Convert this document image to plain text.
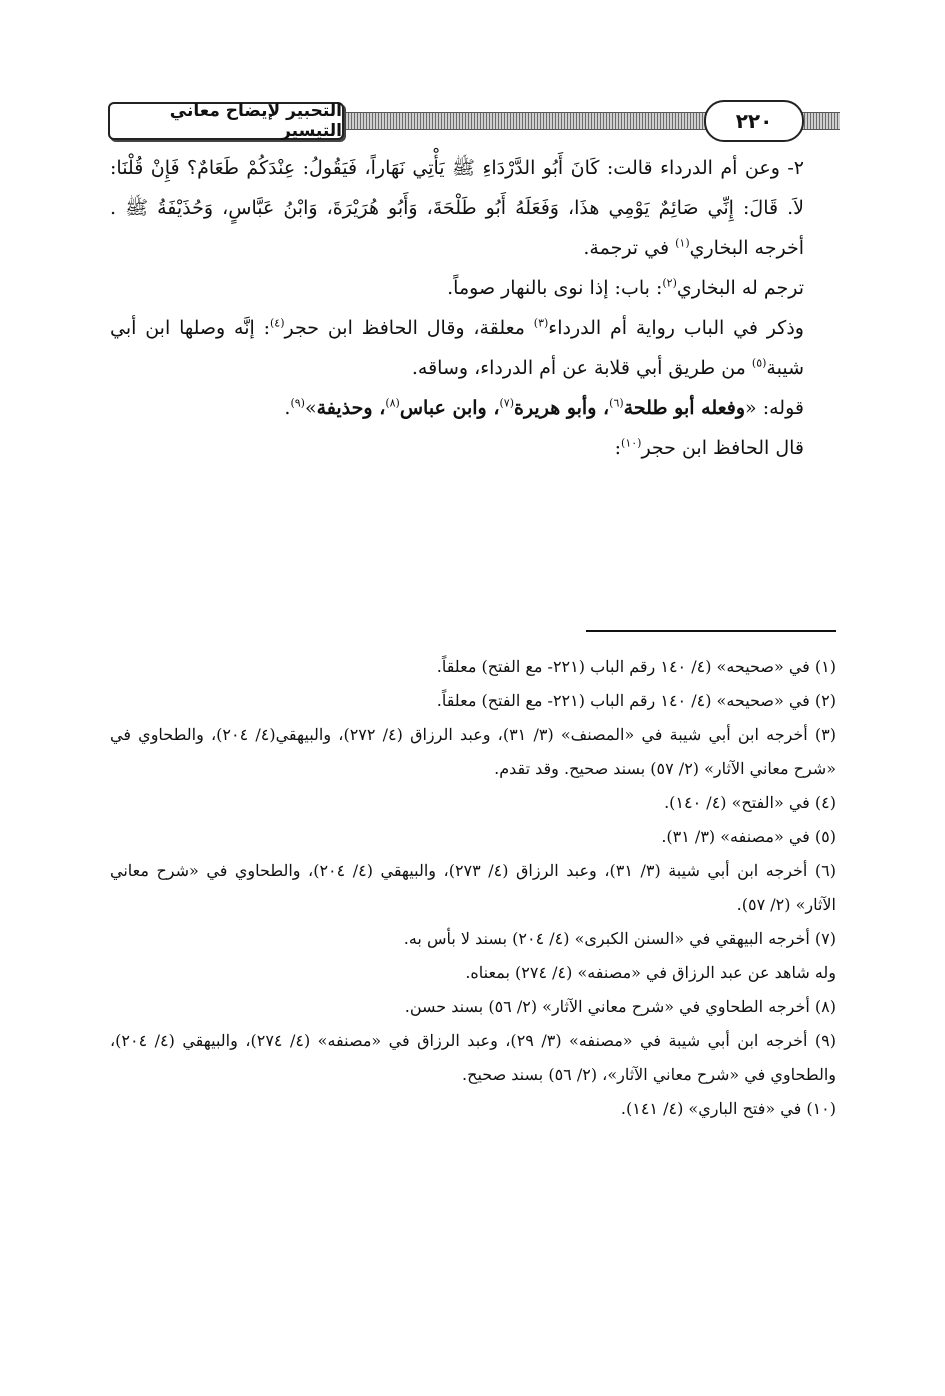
التحبير لإيضاح معاني التيسير	٢٢٠

٢- وعن أم الدرداء قالت: كَانَ أَبُو الدَّرْدَاءِ ﷺ يَأْتِي نَهَاراً، فَيَقُولُ: عِنْدَكُمْ طَعَامٌ؟ فَإِنْ قُلْنَا: لاَ. قَالَ: إِنِّي صَائِمٌ يَوْمِي هذَا، وَفَعَلَهُ أَبُو طَلْحَةَ، وَأَبُو هُرَيْرَةَ، وَابْنُ عَبَّاسٍ، وَحُذَيْفَةُ ﷺ . أخرجه البخاري$^{(١)}$ في ترجمة.

ترجم له البخاري$^{(٢)}$: باب: إذا نوى بالنهار صوماً.

وذكر في الباب رواية أم الدرداء$^{(٣)}$ معلقة، وقال الحافظ ابن حجر$^{(٤)}$: إنَّه وصلها ابن أبي شيبة$^{(٥)}$ من طريق أبي قلابة عن أم الدرداء، وساقه.

قوله: «وفعله أبو طلحة$^{(٦)}$، وأبو هريرة$^{(٧)}$، وابن عباس$^{(٨)}$، وحذيفة»$^{(٩)}$.

قال الحافظ ابن حجر$^{(١٠)}$:

(١) في «صحيحه» (٤/ ١٤٠ رقم الباب (٢٢١- مع الفتح) معلقاً.

(٢) في «صحيحه» (٤/ ١٤٠ رقم الباب (٢٢١- مع الفتح) معلقاً.

(٣) أخرجه ابن أبي شيبة في «المصنف» (٣/ ٣١)، وعبد الرزاق (٤/ ٢٧٢)، والبيهقي(٤/ ٢٠٤)، والطحاوي في «شرح معاني الآثار» (٢/ ٥٧) بسند صحيح. وقد تقدم.

(٤) في «الفتح» (٤/ ١٤٠).

(٥) في «مصنفه» (٣/ ٣١).

(٦) أخرجه ابن أبي شيبة (٣/ ٣١)، وعبد الرزاق (٤/ ٢٧٣)، والبيهقي (٤/ ٢٠٤)، والطحاوي في «شرح معاني الآثار» (٢/ ٥٧).

(٧) أخرجه البيهقي في «السنن الكبرى» (٤/ ٢٠٤) بسند لا بأس به.

وله شاهد عن عبد الرزاق في «مصنفه» (٤/ ٢٧٤) بمعناه.

(٨) أخرجه الطحاوي في «شرح معاني الآثار» (٢/ ٥٦) بسند حسن.

(٩) أخرجه ابن أبي شيبة في «مصنفه» (٣/ ٢٩)، وعبد الرزاق في «مصنفه» (٤/ ٢٧٤)، والبيهقي (٤/ ٢٠٤)، والطحاوي في «شرح معاني الآثار»، (٢/ ٥٦) بسند صحيح.

(١٠) في «فتح الباري» (٤/ ١٤١).
